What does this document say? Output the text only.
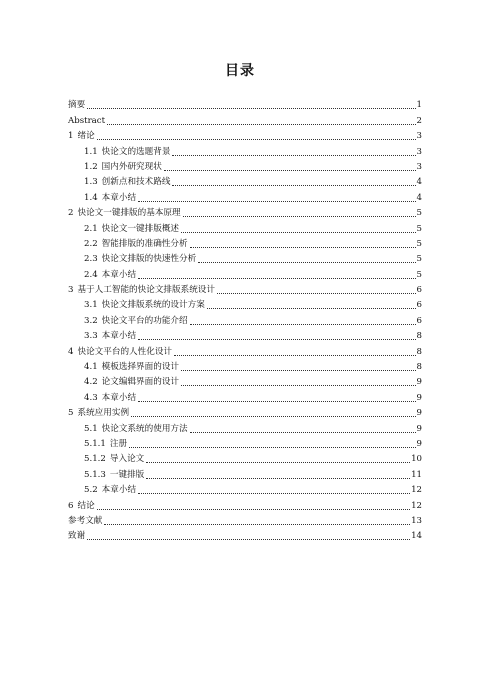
目录
摘要	1
Abstract	2
1 绪论	3
1.1 快论文的选题背景	3
1.2 国内外研究现状	3
1.3 创新点和技术路线	4
1.4 本章小结	4
2 快论文一键排版的基本原理	5
2.1 快论文一键排版概述	5
2.2 智能排版的准确性分析	5
2.3 快论文排版的快速性分析	5
2.4 本章小结	5
3 基于人工智能的快论文排版系统设计	6
3.1 快论文排版系统的设计方案	6
3.2 快论文平台的功能介绍	6
3.3 本章小结	8
4 快论文平台的人性化设计	8
4.1 模板选择界面的设计	8
4.2 论文编辑界面的设计	9
4.3 本章小结	9
5 系统应用实例	9
5.1 快论文系统的使用方法	9
5.1.1 注册	9
5.1.2 导入论文	10
5.1.3 一键排版	11
5.2 本章小结	12
6 结论	12
参考文献	13
致谢	14
